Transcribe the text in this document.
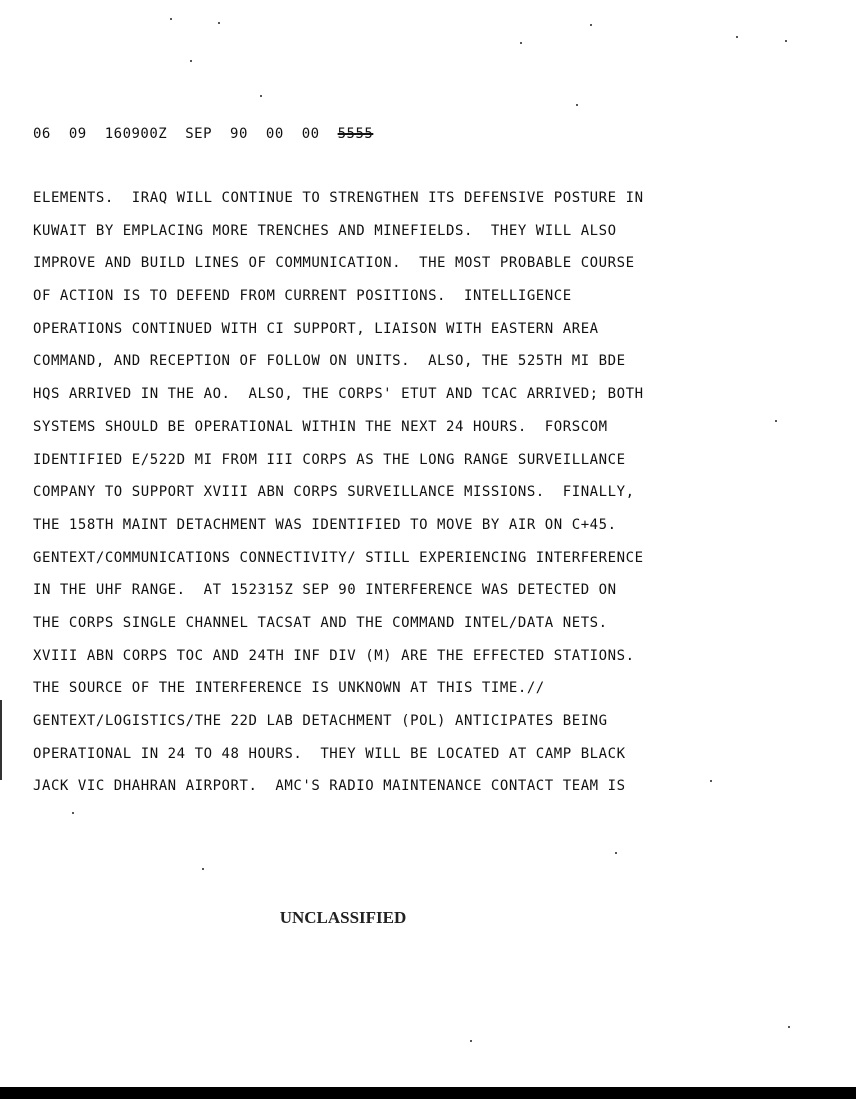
06 09 160900Z SEP 90 00 00 5555
ELEMENTS.  IRAQ WILL CONTINUE TO STRENGTHEN ITS DEFENSIVE POSTURE IN
KUWAIT BY EMPLACING MORE TRENCHES AND MINEFIELDS.  THEY WILL ALSO
IMPROVE AND BUILD LINES OF COMMUNICATION.  THE MOST PROBABLE COURSE
OF ACTION IS TO DEFEND FROM CURRENT POSITIONS.  INTELLIGENCE
OPERATIONS CONTINUED WITH CI SUPPORT, LIAISON WITH EASTERN AREA
COMMAND, AND RECEPTION OF FOLLOW ON UNITS.  ALSO, THE 525TH MI BDE
HQS ARRIVED IN THE AO.  ALSO, THE CORPS' ETUT AND TCAC ARRIVED; BOTH
SYSTEMS SHOULD BE OPERATIONAL WITHIN THE NEXT 24 HOURS.  FORSCOM
IDENTIFIED E/522D MI FROM III CORPS AS THE LONG RANGE SURVEILLANCE
COMPANY TO SUPPORT XVIII ABN CORPS SURVEILLANCE MISSIONS.  FINALLY,
THE 158TH MAINT DETACHMENT WAS IDENTIFIED TO MOVE BY AIR ON C+45.
GENTEXT/COMMUNICATIONS CONNECTIVITY/ STILL EXPERIENCING INTERFERENCE
IN THE UHF RANGE.  AT 152315Z SEP 90 INTERFERENCE WAS DETECTED ON
THE CORPS SINGLE CHANNEL TACSAT AND THE COMMAND INTEL/DATA NETS.
XVIII ABN CORPS TOC AND 24TH INF DIV (M) ARE THE EFFECTED STATIONS.
THE SOURCE OF THE INTERFERENCE IS UNKNOWN AT THIS TIME.//
GENTEXT/LOGISTICS/THE 22D LAB DETACHMENT (POL) ANTICIPATES BEING
OPERATIONAL IN 24 TO 48 HOURS.  THEY WILL BE LOCATED AT CAMP BLACK
JACK VIC DHAHRAN AIRPORT.  AMC'S RADIO MAINTENANCE CONTACT TEAM IS
UNCLASSIFIED
